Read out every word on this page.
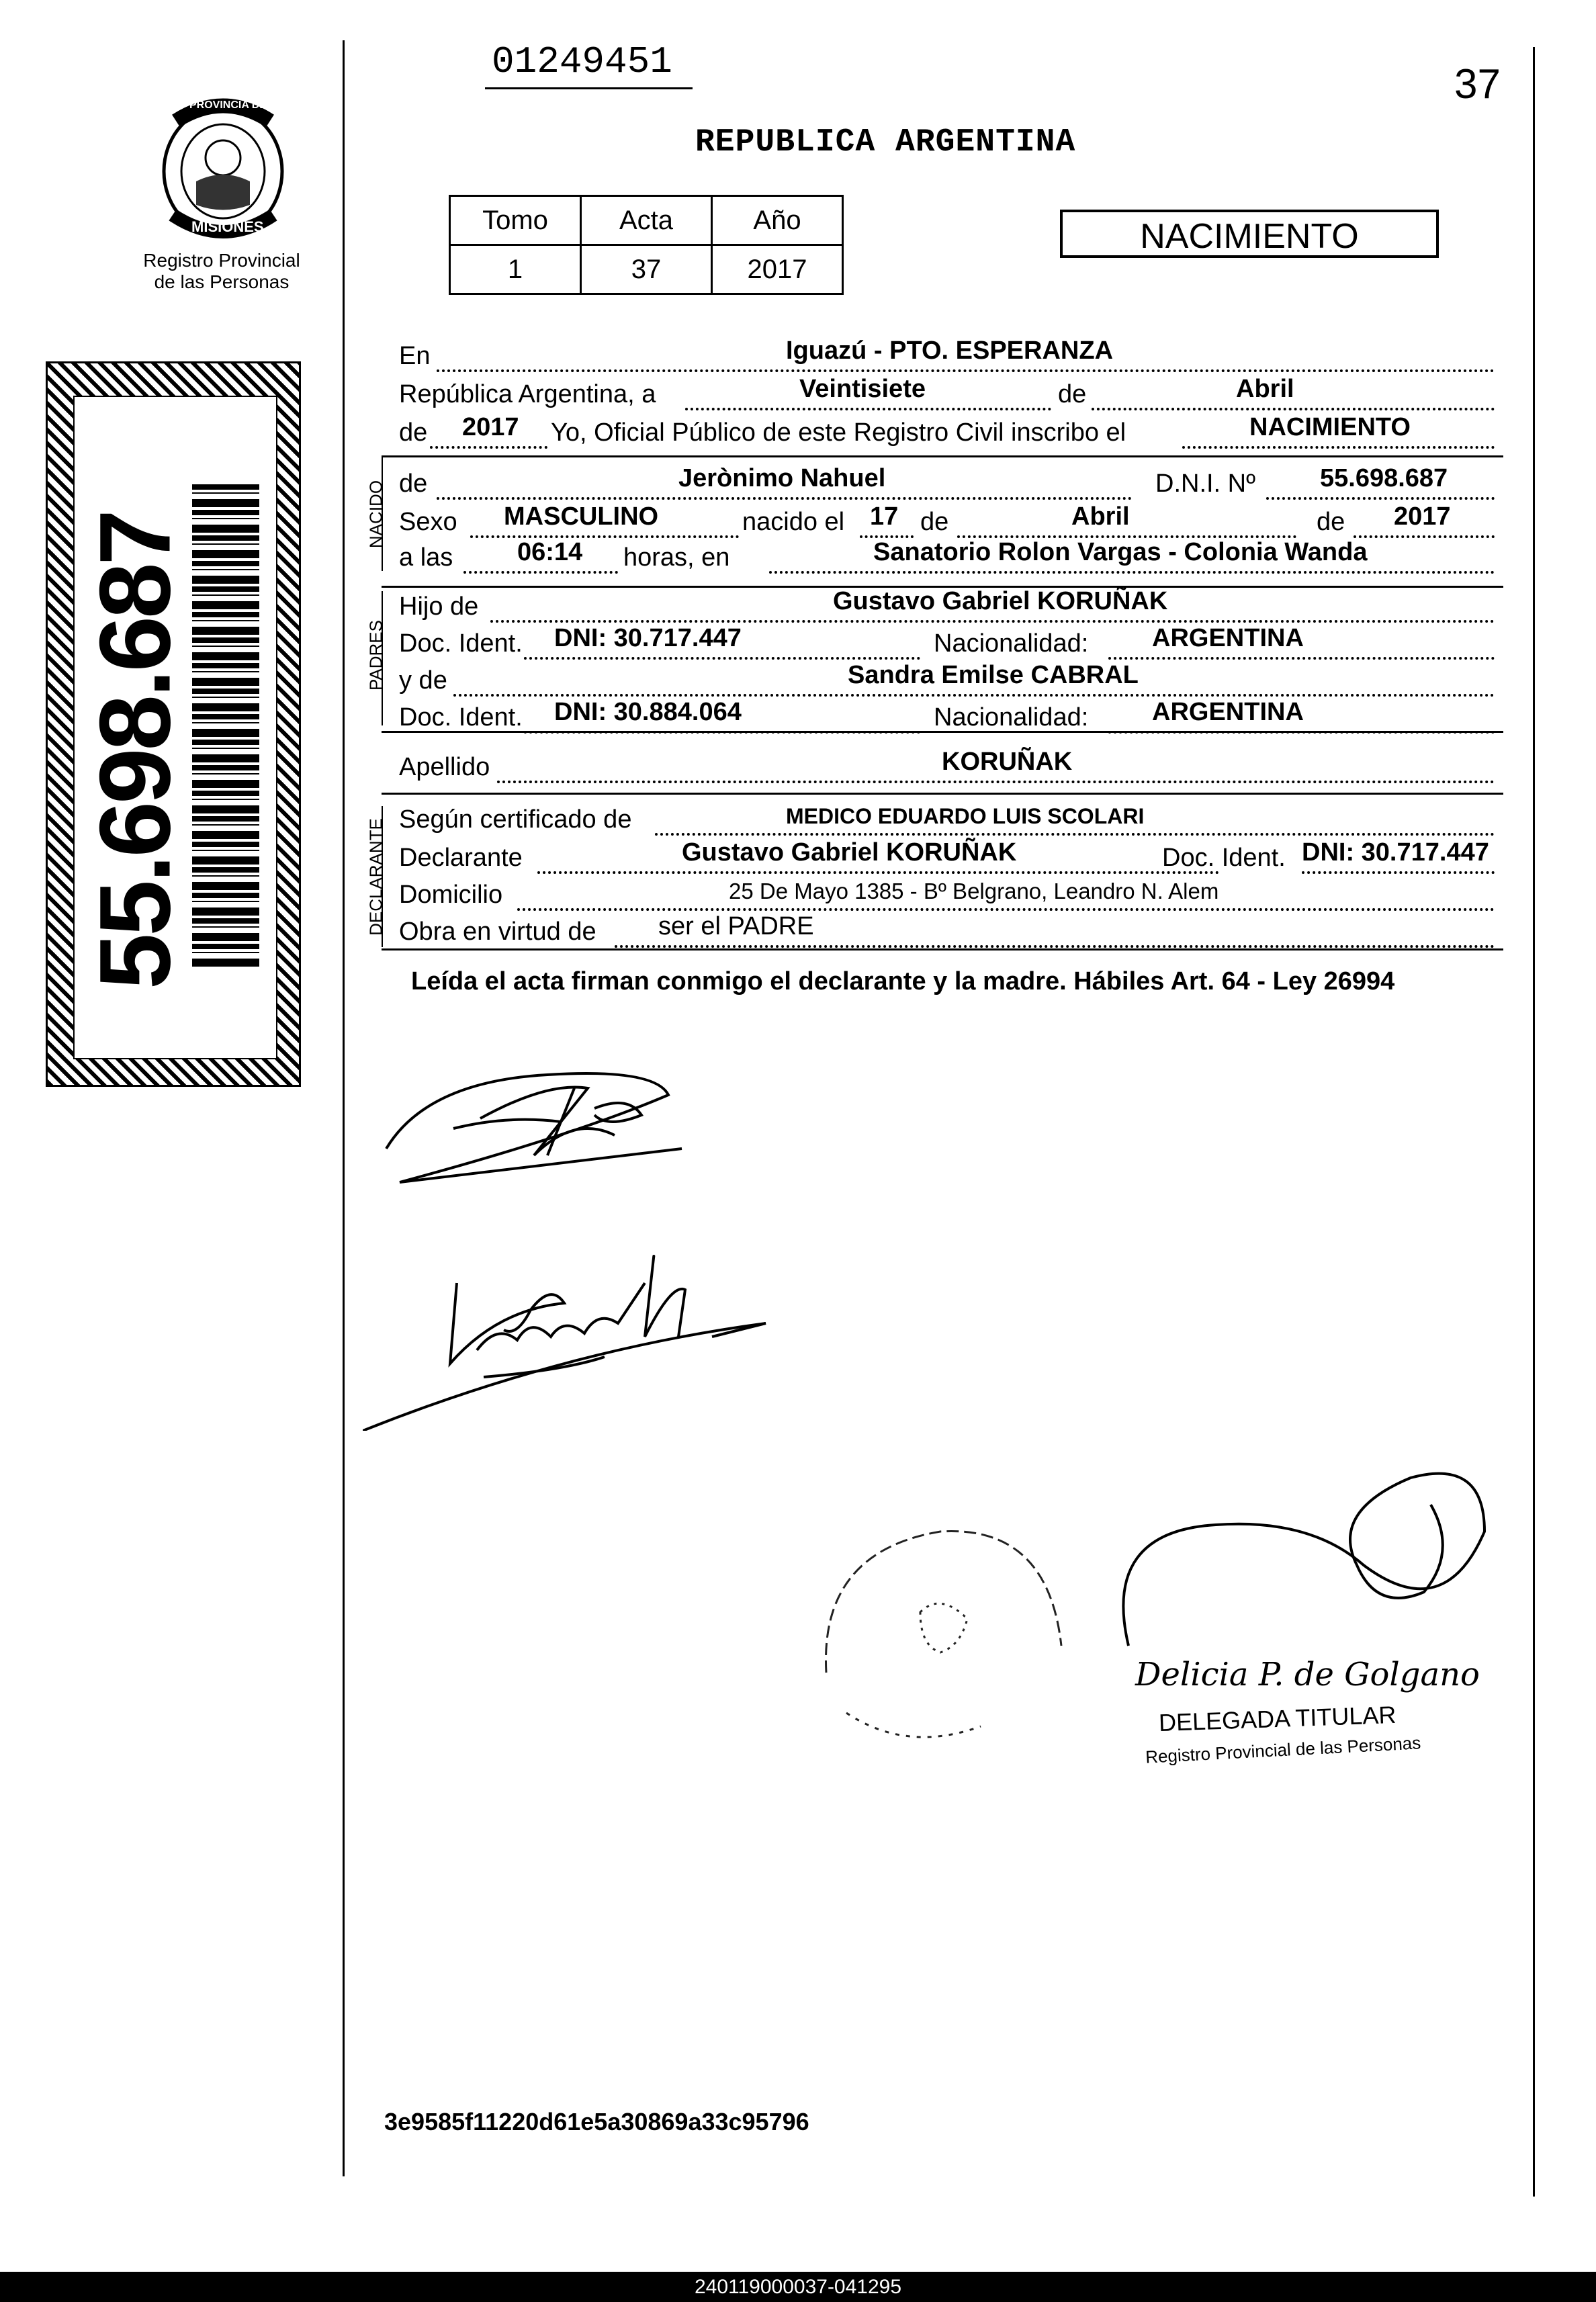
01249451	37
PROVINCIA DE
MISIONES
Registro Provincial
de las Personas
REPUBLICA ARGENTINA
Tomo	Acta	Año
1	37	2017
NACIMIENTO
55.698.687	NACIDO
PADRES
DECLARANTE
En	Iguazú - PTO. ESPERANZA
República Argentina, a	Veintisiete	de	Abril
de 2017 Yo, Oficial Público de este Registro Civil inscribo el	NACIMIENTO
de	Jerònimo Nahuel	D.N.I. Nº	55.698.687
Sexo MASCULINO	nacido el 17 de	Abril	de 2017
a las	06:14 horas, en	Sanatorio Rolon Vargas - Colonia Wanda
Hijo de	Gustavo Gabriel KORUÑAK
Doc. Ident. DNI: 30.717.447	Nacionalidad: ARGENTINA
y de	Sandra Emilse CABRAL
Doc. Ident. DNI: 30.884.064	Nacionalidad: ARGENTINA
Apellido	KORUÑAK
Según certificado de	MEDICO EDUARDO LUIS SCOLARI
Declarante	Gustavo Gabriel KORUÑAK	Doc. Ident. DNI: 30.717.447
Domicilio	25 De Mayo 1385 - Bº Belgrano, Leandro N. Alem
Obra en virtud de ser el PADRE
Leída el acta firman conmigo el declarante y la madre. Hábiles Art. 64 - Ley 26994
Delicia P. de Golgano
DELEGADA TITULAR
Registro Provincial de las Personas
3e9585f11220d61e5a30869a33c95796
240119000037-041295
